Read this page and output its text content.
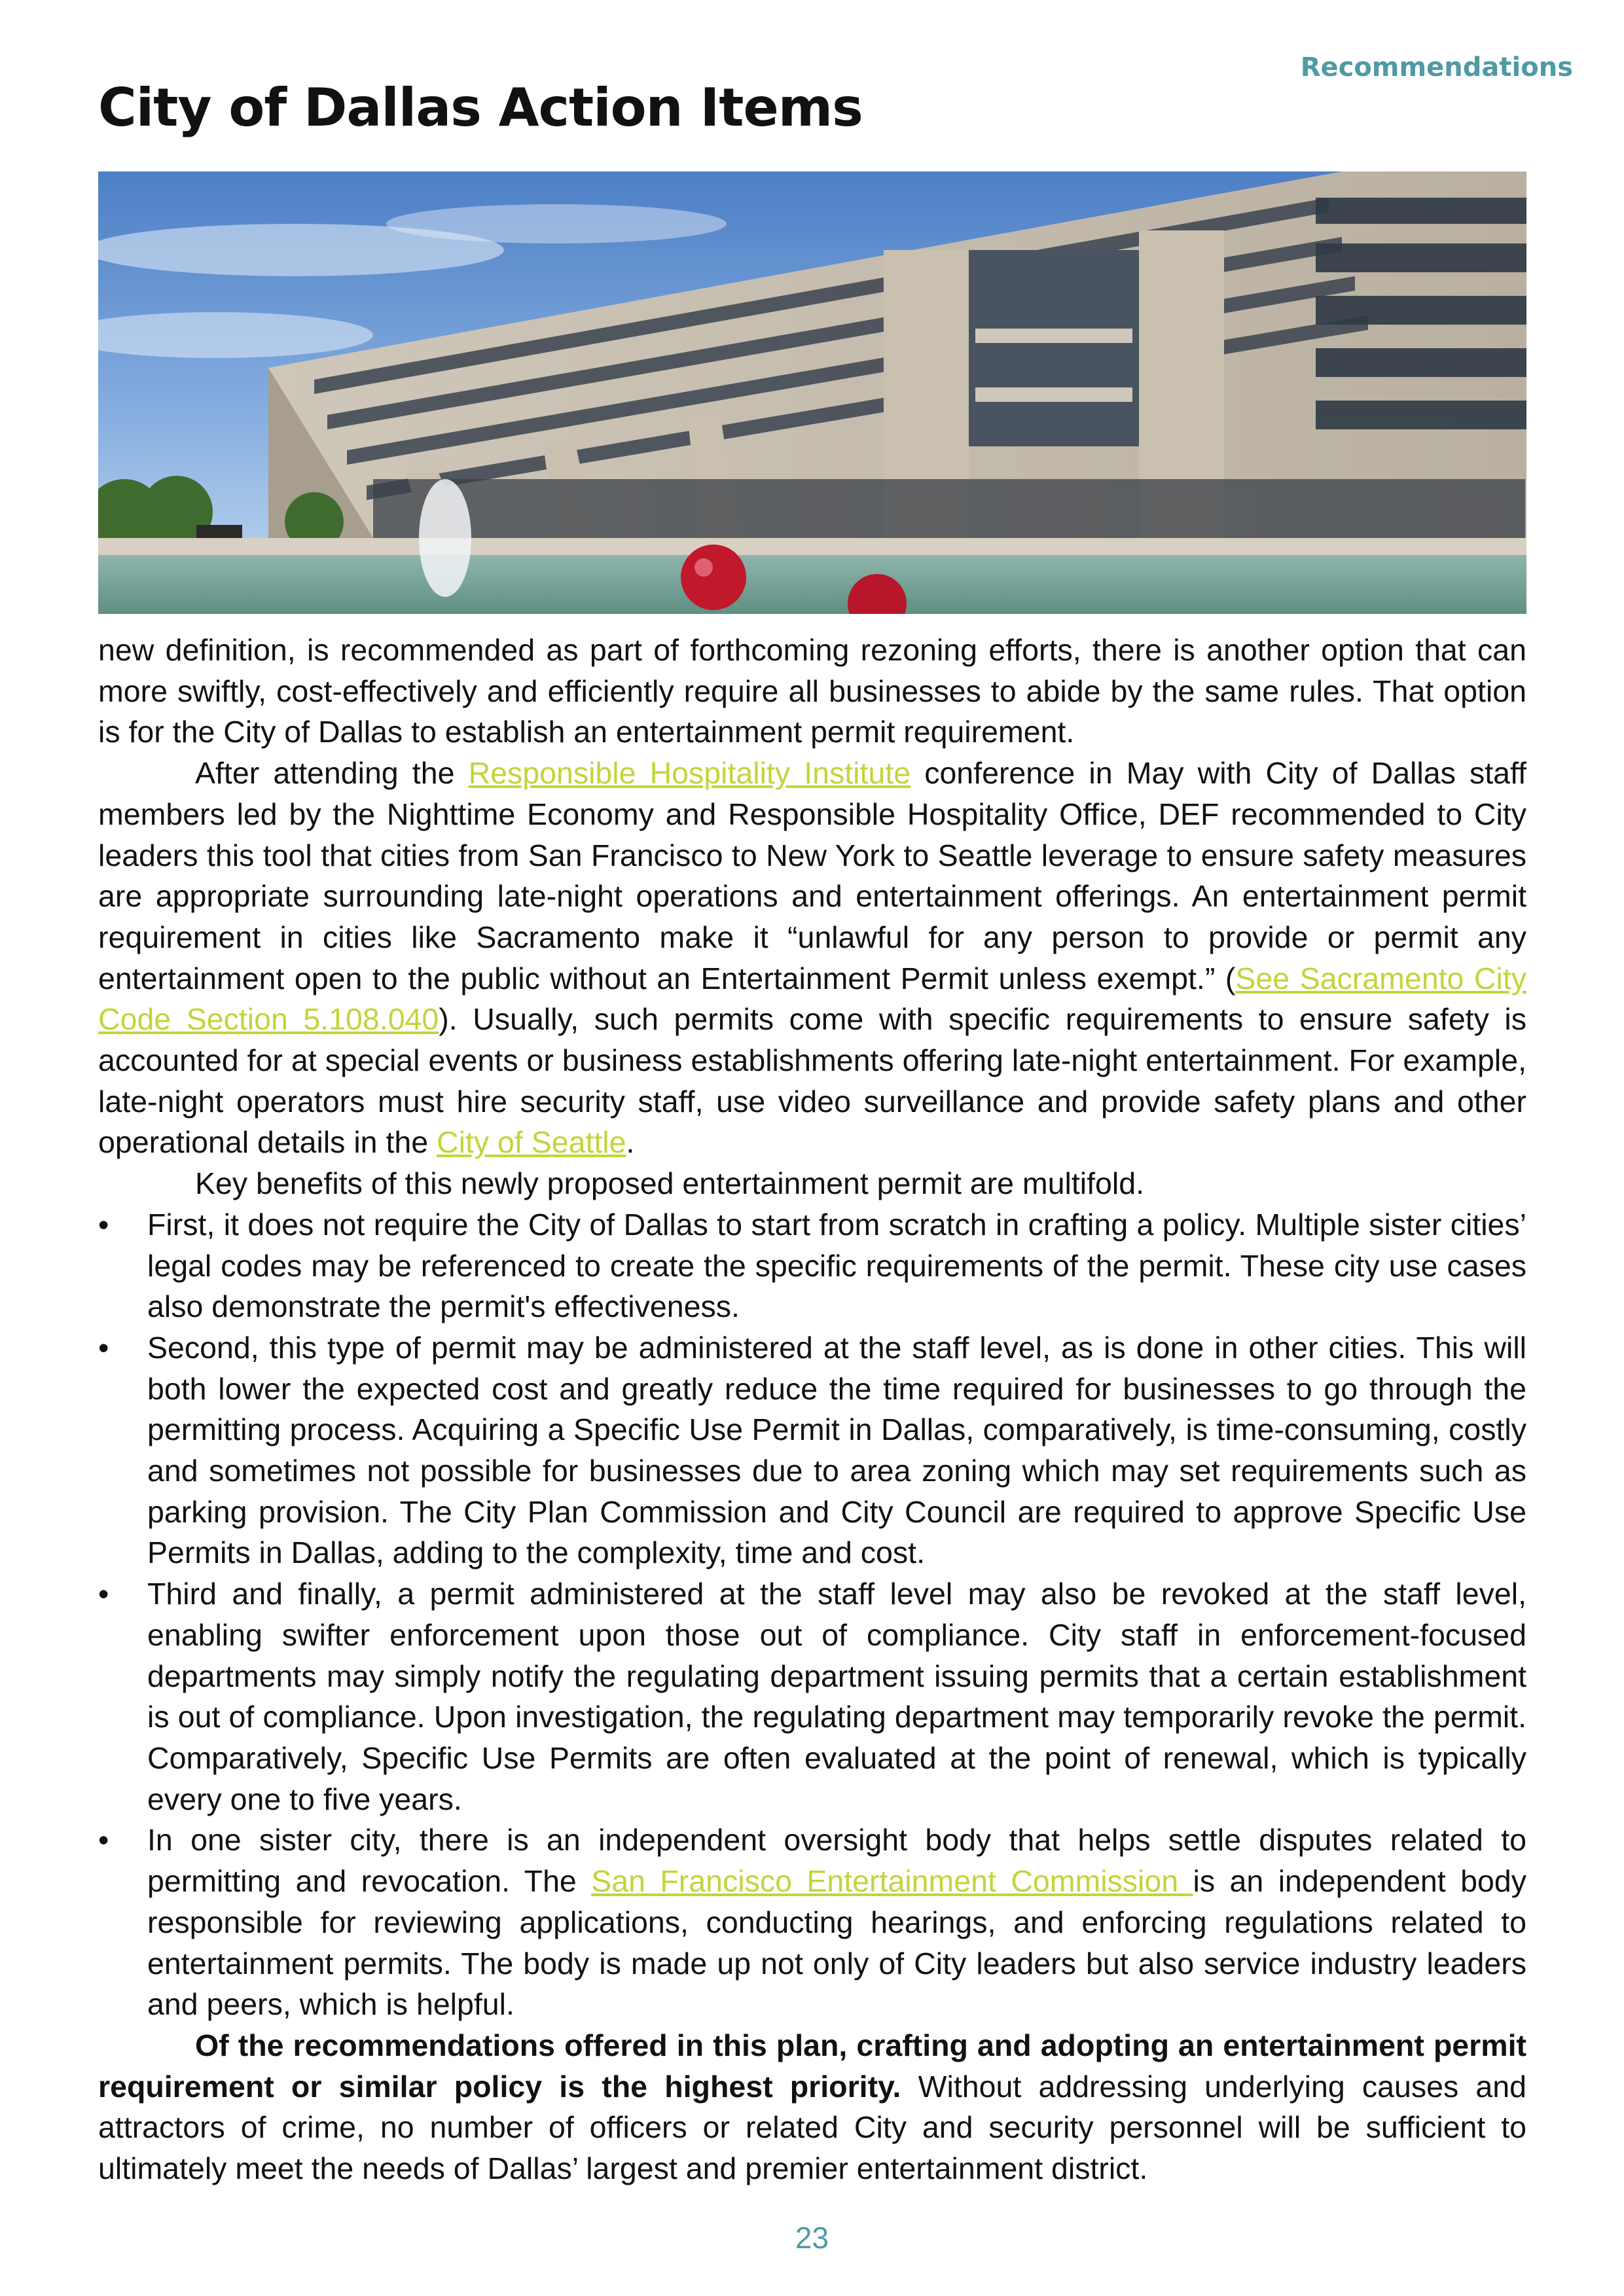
Recommendations
City of Dallas Action Items

new definition, is recommended as part of forthcoming rezoning efforts, there is another option that can more swiftly, cost-effectively and efficiently require all businesses to abide by the same rules. That option is for the City of Dallas to establish an entertainment permit requirement.

After attending the Responsible Hospitality Institute conference in May with City of Dallas staff members led by the Nighttime Economy and Responsible Hospitality Office, DEF recommended to City leaders this tool that cities from San Francisco to New York to Seattle leverage to ensure safety measures are appropriate surrounding late-night operations and entertainment offerings. An entertainment permit requirement in cities like Sacramento make it “unlawful for any person to provide or permit any entertainment open to the public without an Entertainment Permit unless exempt.” (See Sacramento City Code Section 5.108.040). Usually, such permits come with specific requirements to ensure safety is accounted for at special events or business establishments offering late-night entertainment. For example, late-night operators must hire security staff, use video surveillance and provide safety plans and other operational details in the City of Seattle.

Key benefits of this newly proposed entertainment permit are multifold.

• First, it does not require the City of Dallas to start from scratch in crafting a policy. Multiple sister cities’ legal codes may be referenced to create the specific requirements of the permit. These city use cases also demonstrate the permit's effectiveness.
• Second, this type of permit may be administered at the staff level, as is done in other cities. This will both lower the expected cost and greatly reduce the time required for businesses to go through the permitting process. Acquiring a Specific Use Permit in Dallas, comparatively, is time-consuming, costly and sometimes not possible for businesses due to area zoning which may set requirements such as parking provision. The City Plan Commission and City Council are required to approve Specific Use Permits in Dallas, adding to the complexity, time and cost.
• Third and finally, a permit administered at the staff level may also be revoked at the staff level, enabling swifter enforcement upon those out of compliance. City staff in enforcement-focused departments may simply notify the regulating department issuing permits that a certain establishment is out of compliance. Upon investigation, the regulating department may temporarily revoke the permit. Comparatively, Specific Use Permits are often evaluated at the point of renewal, which is typically every one to five years.
• In one sister city, there is an independent oversight body that helps settle disputes related to permitting and revocation. The San Francisco Entertainment Commission is an independent body responsible for reviewing applications, conducting hearings, and enforcing regulations related to entertainment permits. The body is made up not only of City leaders but also service industry leaders and peers, which is helpful.

Of the recommendations offered in this plan, crafting and adopting an entertainment permit requirement or similar policy is the highest priority. Without addressing underlying causes and attractors of crime, no number of officers or related City and security personnel will be sufficient to ultimately meet the needs of Dallas’ largest and premier entertainment district.

23
